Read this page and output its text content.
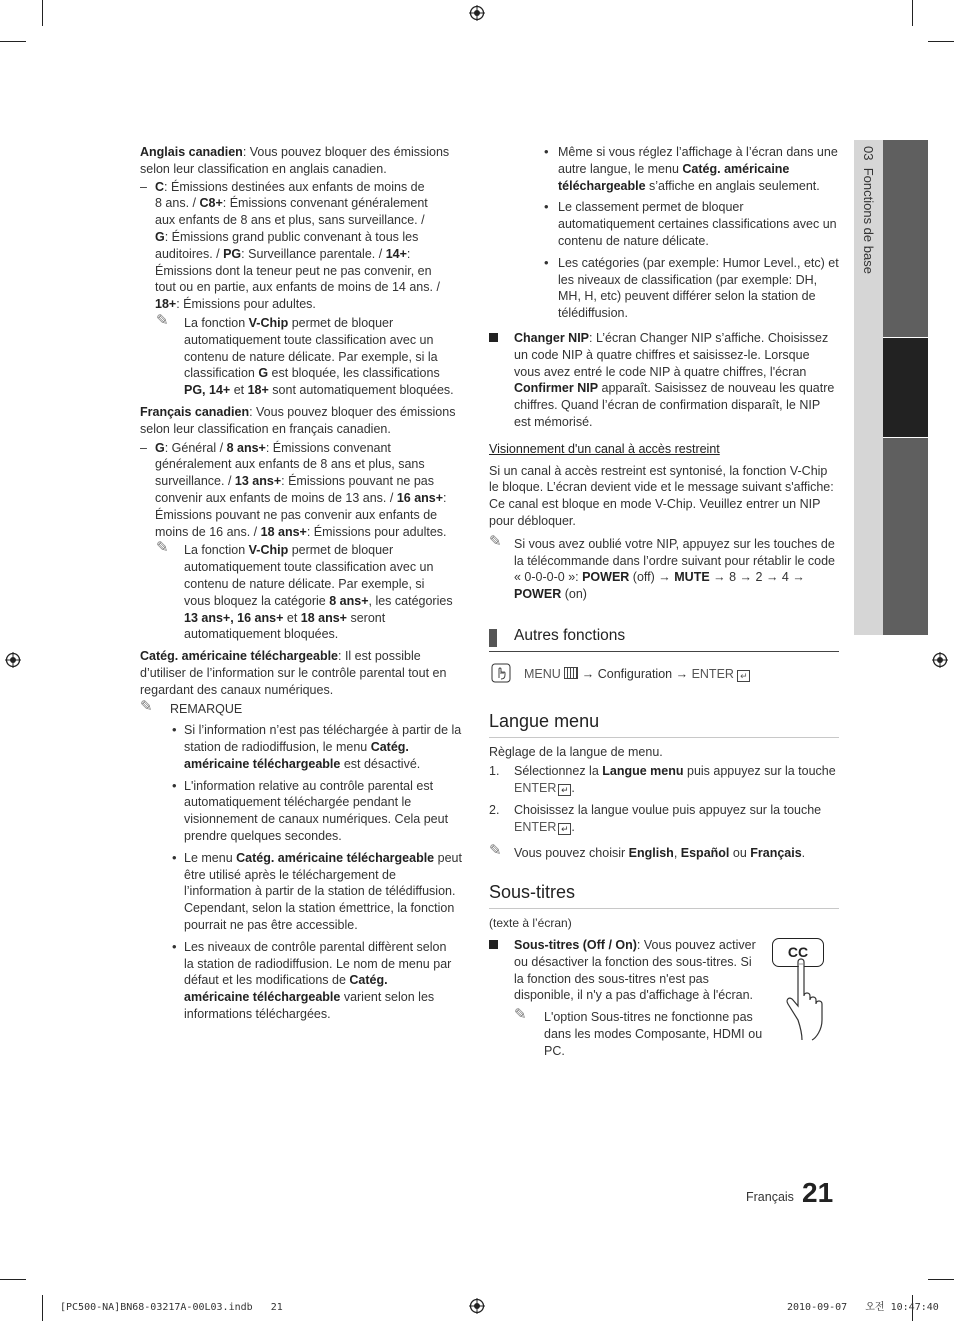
03  Fonctions de base

Anglais canadien: Vous pouvez bloquer des émissions selon leur classification en anglais canadien.

– C: Émissions destinées aux enfants de moins de

8 ans. / C8+: Émissions convenant généralement

aux enfants de 8 ans et plus, sans surveillance. /

G: Émissions grand public convenant à tous les

auditoires. / PG: Surveillance parentale. / 14+:

Émissions dont la teneur peut ne pas convenir, en

tout ou en partie, aux enfants de moins de 14 ans. /

18+: Émissions pour adultes.

✎ La fonction V-Chip permet de bloquer automatiquement toute classification avec un contenu de nature délicate. Par exemple, si la classification G est bloquée, les classifications PG, 14+ et 18+ sont automatiquement bloquées.

Français canadien: Vous pouvez bloquer des émissions selon leur classification en français canadien.

– G: Général / 8 ans+: Émissions convenant

généralement aux enfants de 8 ans et plus, sans

surveillance. / 13 ans+: Émissions pouvant ne pas

convenir aux enfants de moins de 13 ans. / 16 ans+:

Émissions pouvant ne pas convenir aux enfants de

moins de 16 ans. / 18 ans+: Émissions pour adultes.

✎ La fonction V-Chip permet de bloquer automatiquement toute classification avec un contenu de nature délicate. Par exemple, si vous bloquez la catégorie 8 ans+, les catégories 13 ans+, 16 ans+ et 18 ans+ seront automatiquement bloquées.

Catég. américaine téléchargeable: Il est possible d’utiliser de l’information sur le contrôle parental tout en regardant des canaux numériques.

✎ REMARQUE
• Si l’information n’est pas téléchargée à partir de la station de radiodiffusion, le menu Catég. américaine téléchargeable est désactivé.

• L'information relative au contrôle parental est automatiquement téléchargée pendant le visionnement de canaux numériques. Cela peut prendre quelques secondes.

• Le menu Catég. américaine téléchargeable peut être utilisé après le téléchargement de l’information à partir de la station de télédiffusion. Cependant, selon la station émettrice, la fonction pourrait ne pas être accessible.

• Les niveaux de contrôle parental diffèrent selon la station de radiodiffusion. Le nom de menu par défaut et les modifications de Catég. américaine téléchargeable varient selon les informations téléchargées.

• Même si vous réglez l’affichage à l’écran dans une autre langue, le menu Catég. américaine téléchargeable s’affiche en anglais seulement.

• Le classement permet de bloquer automatiquement certaines classifications avec un contenu de nature délicate.

• Les catégories (par exemple: Humor Level., etc) et les niveaux de classification (par exemple: DH, MH, H, etc) peuvent différer selon la station de télédiffusion.

Changer NIP: L’écran Changer NIP s’affiche. Choisissez un code NIP à quatre chiffres et saisissez-le. Lorsque vous avez entré le code NIP à quatre chiffres, l'écran Confirmer NIP apparaît. Saisissez de nouveau les quatre chiffres. Quand l’écran de confirmation disparaît, le NIP est mémorisé.

Visionnement d'un canal à accès restreint

Si un canal à accès restreint est syntonisé, la fonction V-Chip le bloque. L’écran devient vide et le message suivant s'affiche: Ce canal est bloque en mode V-Chip. Veuillez entrer un NIP pour débloquer.

✎ Si vous avez oublié votre NIP, appuyez sur les touches de la télécommande dans l’ordre suivant pour rétablir le code « 0-0-0-0 »: POWER (off) → MUTE → 8 → 2 → 4 → POWER (on)

Autres fonctions
MENU  → Configuration → ENTER ↵
Langue menu

Règlage de la langue de menu.

1. Sélectionnez la Langue menu puis appuyez sur la touche ENTER ↵ .

2. Choisissez la langue voulue puis appuyez sur la touche ENTER ↵ .

✎ Vous pouvez choisir English, Español ou Français.

Sous-titres

(texte à l’écran)

Sous-titres (Off / On): Vous pouvez activer ou désactiver la fonction des sous-titres. Si la fonction des sous-titres n'est pas disponible, il n'y a pas d'affichage à l'écran.

✎ L'option Sous-titres ne fonctionne pas dans les modes Composante, HDMI ou PC.

CC
Français 21
[PC500-NA]BN68-03217A-00L03.indb   21	2010-09-07   오전 10:47:40
